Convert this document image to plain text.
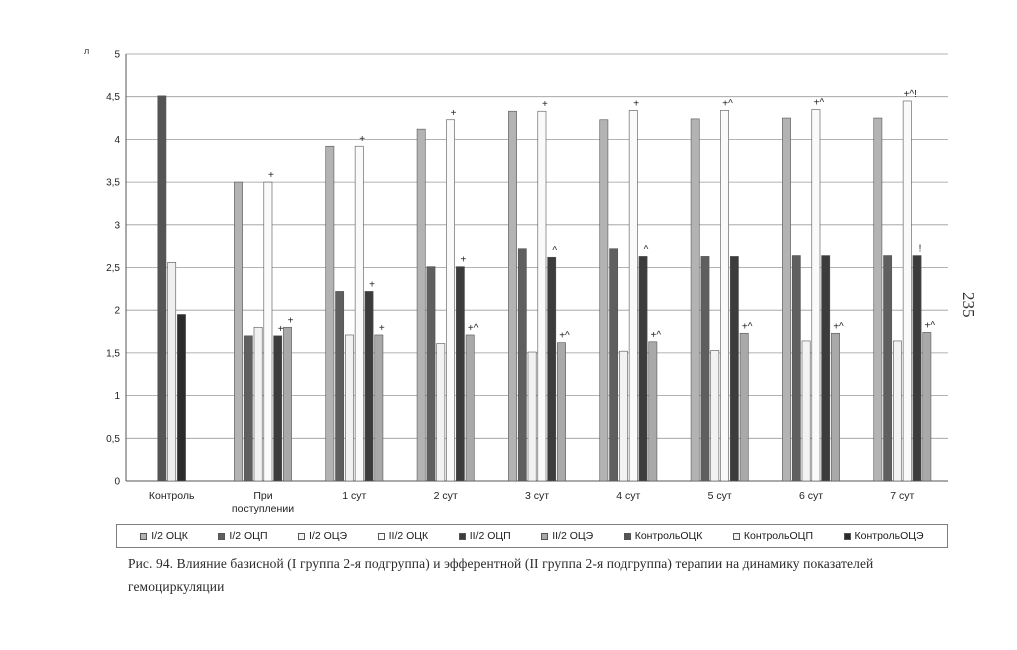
+
+
+
+
+
+
+
+
+^
+
^
+^
+
^
+^
+^
+^
+^
+^
+^!
!
+^
Контроль	При
поступлении
1 сут	2 сут	3 сут	4 сут	5 сут	6 сут	7 сут
0
0,5
1
1,5
2
2,5
3
3,5
4
4,5
5
л
I/2 ОЦК	I/2 ОЦП	I/2 ОЦЭ	II/2 ОЦК	II/2 ОЦП	II/2 ОЦЭ	КонтрольОЦК	КонтрольОЦП	КонтрольОЦЭ
Рис. 94. Влияние базисной (I группа 2-я подгруппа) и эфферентной (II группа 2-я подгруппа) терапии на динамику показателей гемоциркуляции
235
